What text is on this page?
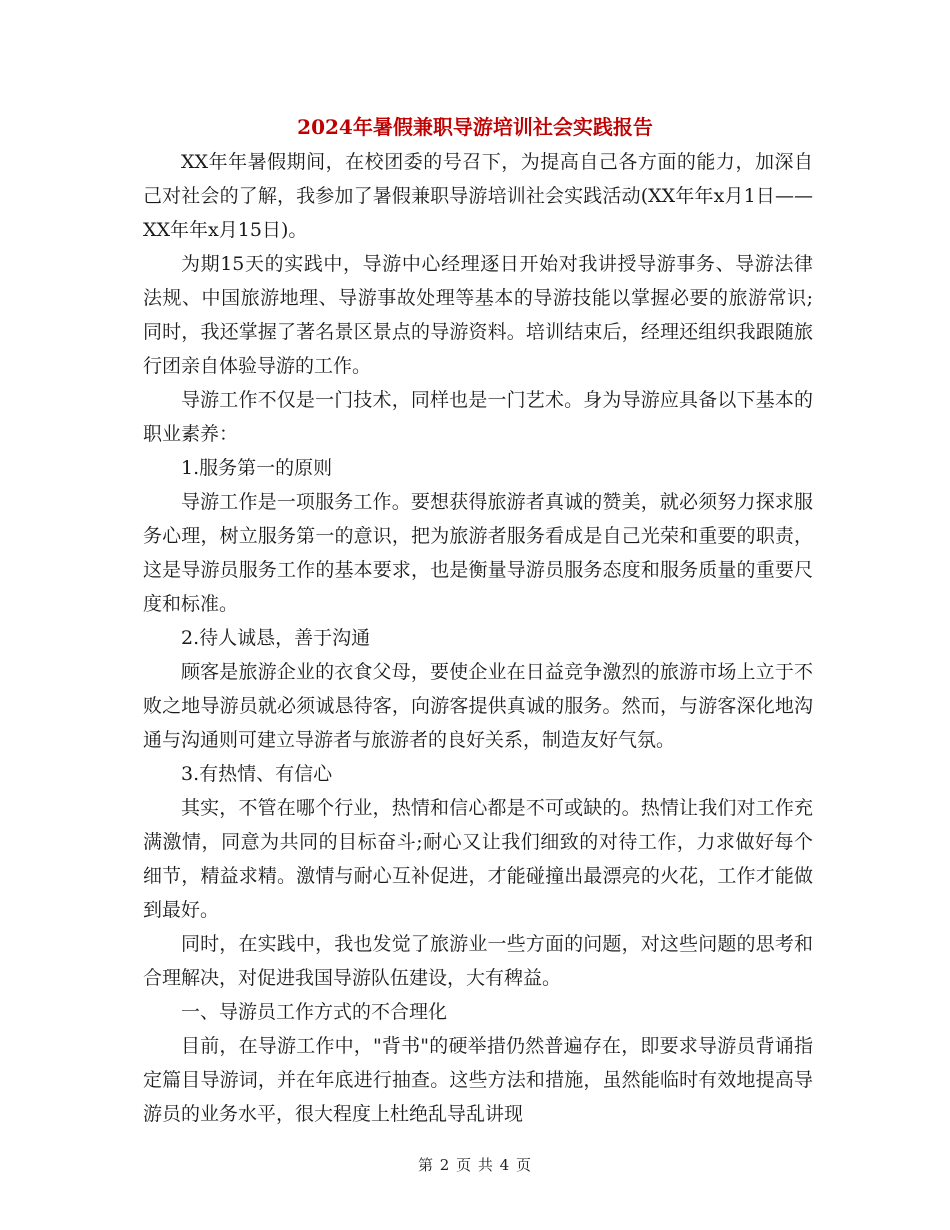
2024年暑假兼职导游培训社会实践报告

XX年年暑假期间，在校团委的号召下，为提高自己各方面的能力，加深自己对社会的了解，我参加了暑假兼职导游培训社会实践活动(XX年年x月1日——XX年年x月15日)。

为期15天的实践中，导游中心经理逐日开始对我讲授导游事务、导游法律法规、中国旅游地理、导游事故处理等基本的导游技能以掌握必要的旅游常识;同时，我还掌握了著名景区景点的导游资料。培训结束后，经理还组织我跟随旅行团亲自体验导游的工作。

导游工作不仅是一门技术，同样也是一门艺术。身为导游应具备以下基本的职业素养：

1.服务第一的原则

导游工作是一项服务工作。要想获得旅游者真诚的赞美，就必须努力探求服务心理，树立服务第一的意识，把为旅游者服务看成是自己光荣和重要的职责，这是导游员服务工作的基本要求，也是衡量导游员服务态度和服务质量的重要尺度和标准。

2.待人诚恳，善于沟通

顾客是旅游企业的衣食父母，要使企业在日益竞争激烈的旅游市场上立于不败之地导游员就必须诚恳待客，向游客提供真诚的服务。然而，与游客深化地沟通与沟通则可建立导游者与旅游者的良好关系，制造友好气氛。

3.有热情、有信心

其实，不管在哪个行业，热情和信心都是不可或缺的。热情让我们对工作充满激情，同意为共同的目标奋斗;耐心又让我们细致的对待工作，力求做好每个细节，精益求精。激情与耐心互补促进，才能碰撞出最漂亮的火花，工作才能做到最好。

同时，在实践中，我也发觉了旅游业一些方面的问题，对这些问题的思考和合理解决，对促进我国导游队伍建设，大有稗益。

一、导游员工作方式的不合理化

目前，在导游工作中，"背书"的硬举措仍然普遍存在，即要求导游员背诵指定篇目导游词，并在年底进行抽查。这些方法和措施，虽然能临时有效地提高导游员的业务水平，很大程度上杜绝乱导乱讲现

第 2 页 共 4 页
